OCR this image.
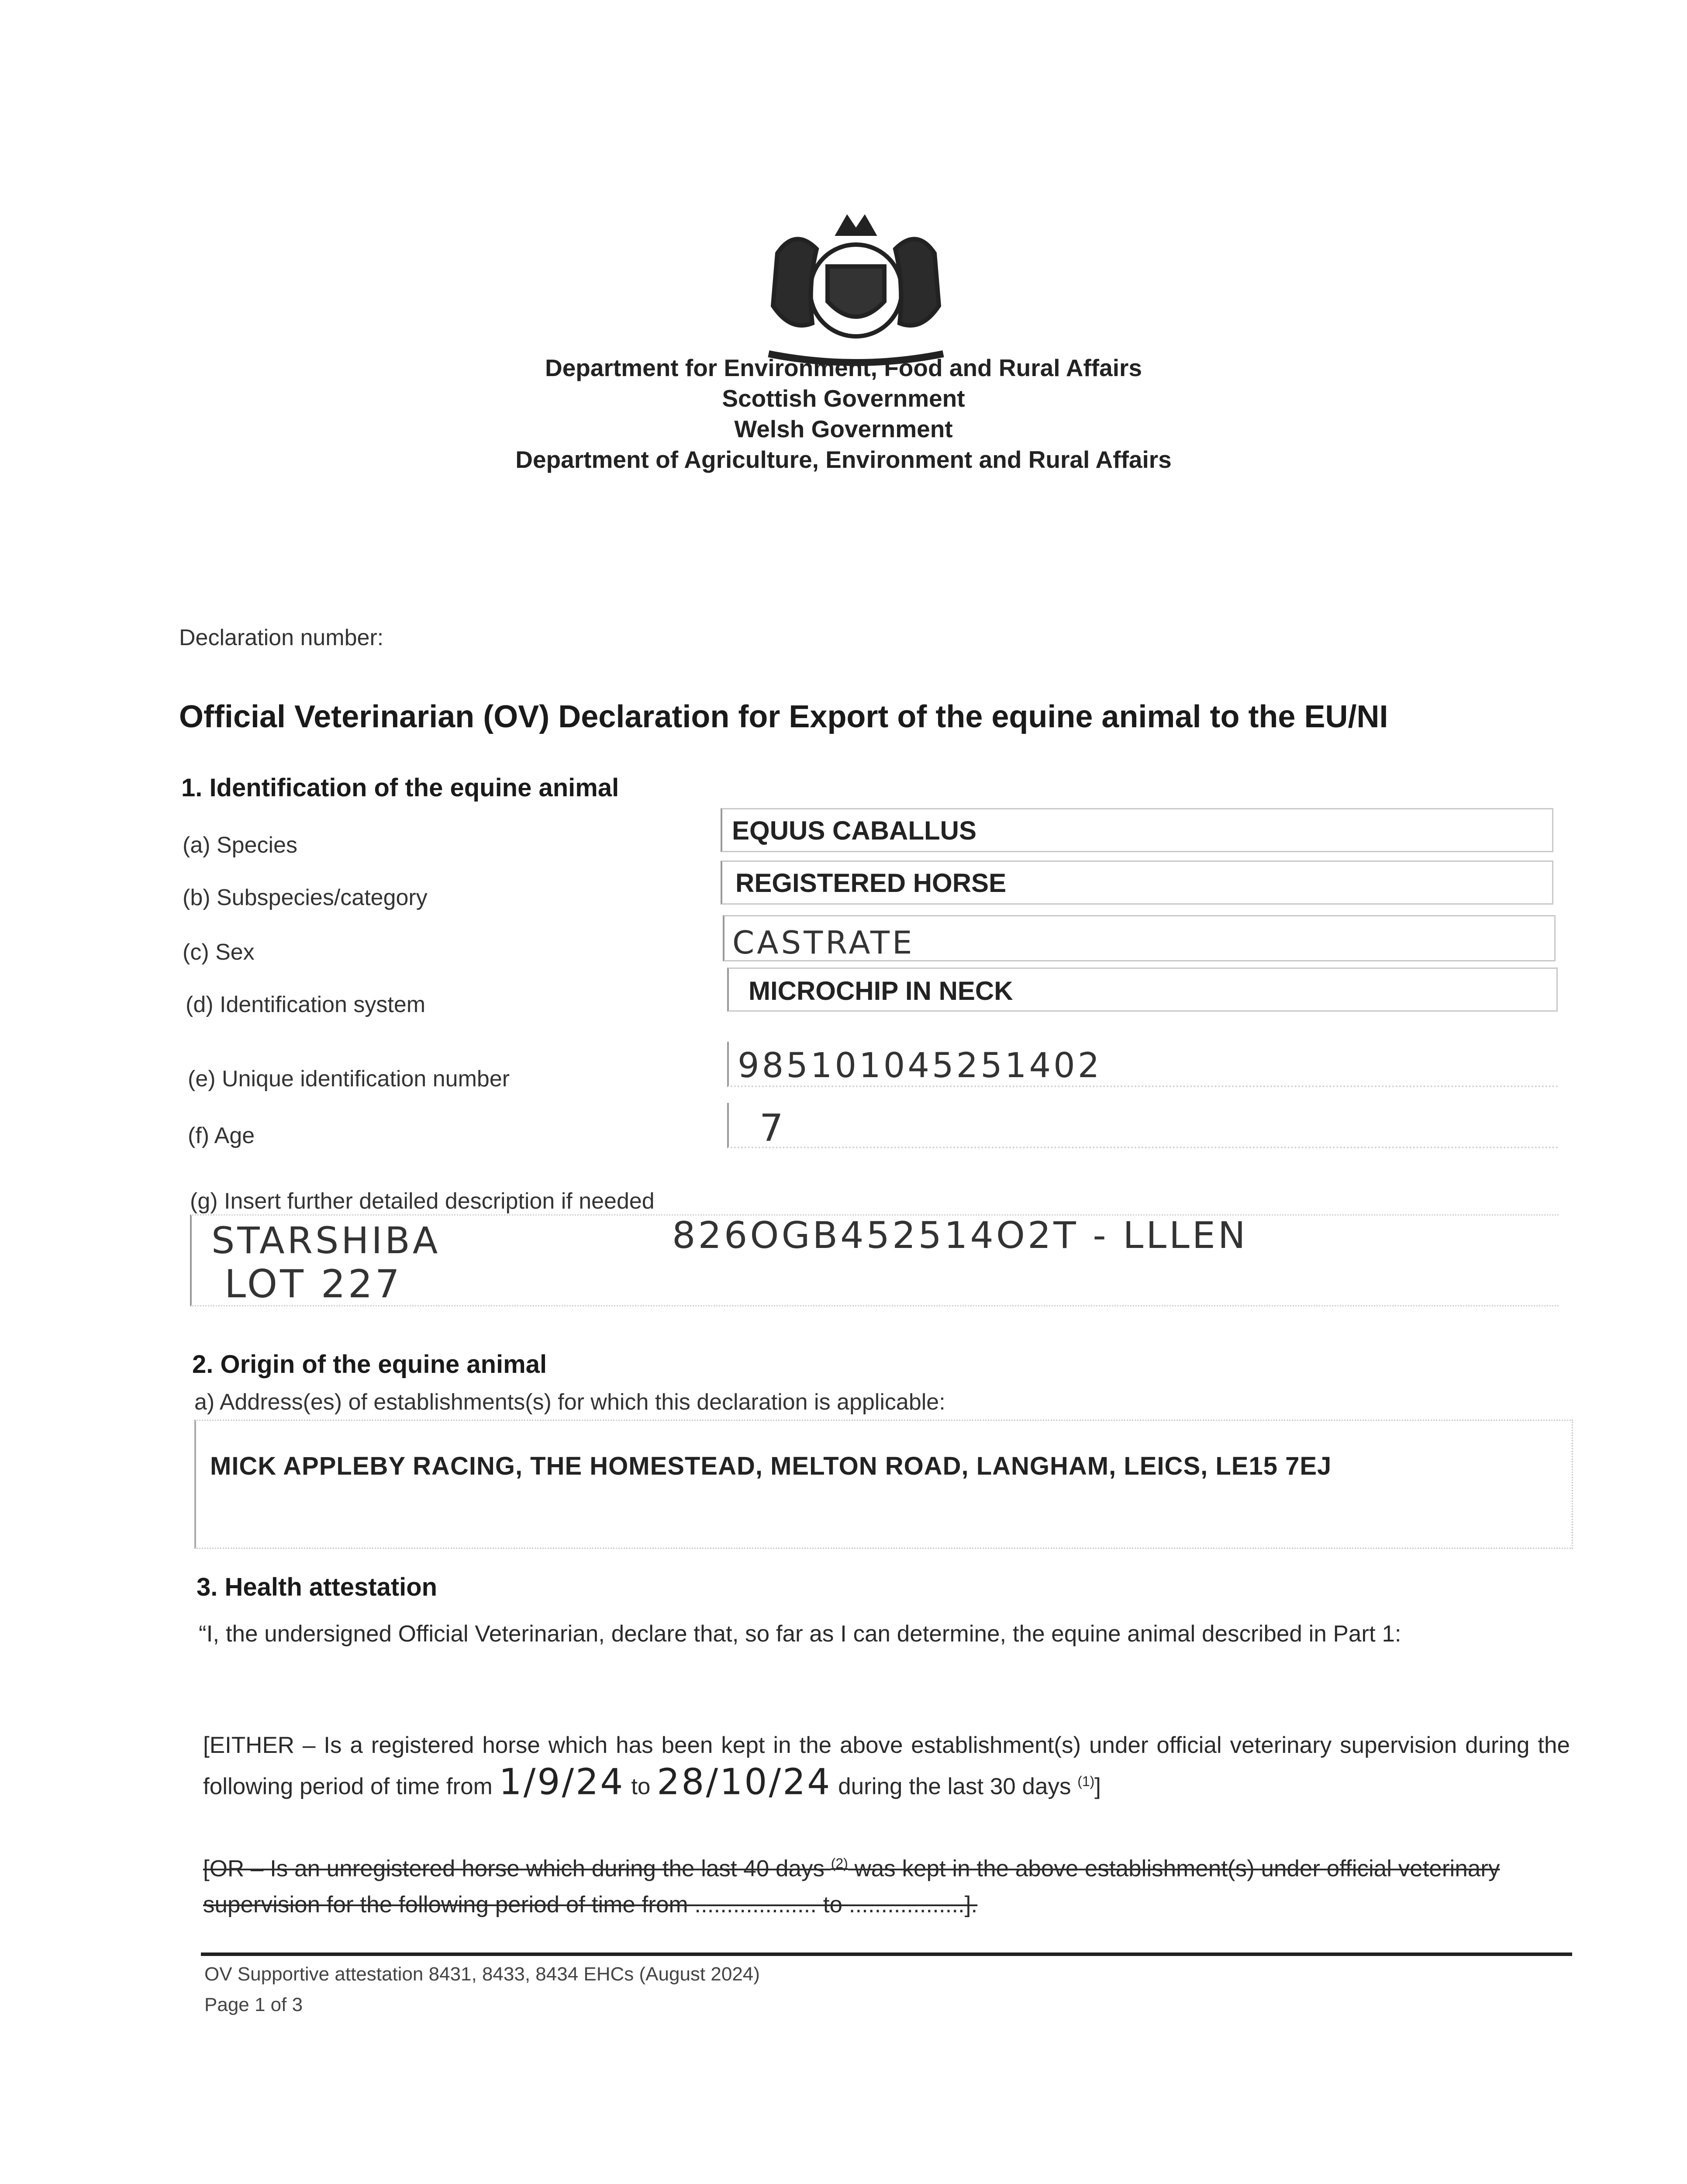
Department for Environment, Food and Rural Affairs
Scottish Government
Welsh Government
Department of Agriculture, Environment and Rural Affairs
Declaration number:
Official Veterinarian (OV) Declaration for Export of the equine animal to the EU/NI
1. Identification of the equine animal
(a) Species	EQUUS CABALLUS
(b) Subspecies/category	REGISTERED HORSE
(c) Sex	CASTRATE
(d) Identification system	MICROCHIP IN NECK
(e) Unique identification number	985101045251402
(f) Age	7
(g) Insert further detailed description if needed
STARSHIBA	826OGB452514O2T - LLLEN
LOT 227
2. Origin of the equine animal
a) Address(es) of establishments(s) for which this declaration is applicable:
MICK APPLEBY RACING, THE HOMESTEAD, MELTON ROAD, LANGHAM, LEICS, LE15 7EJ
3. Health attestation
“I, the undersigned Official Veterinarian, declare that, so far as I can determine, the equine animal described in Part 1:
[EITHER – Is a registered horse which has been kept in the above establishment(s) under official veterinary supervision during the following period of time from 1/9/24 to 28/10/24 during the last 30 days $^{(1)}$]
[OR – Is an unregistered horse which during the last 40 days $^{(2)}$ was kept in the above establishment(s) under official veterinary supervision for the following period of time from ................... to ..................].
OV Supportive attestation 8431, 8433, 8434 EHCs (August 2024)
Page 1 of 3
